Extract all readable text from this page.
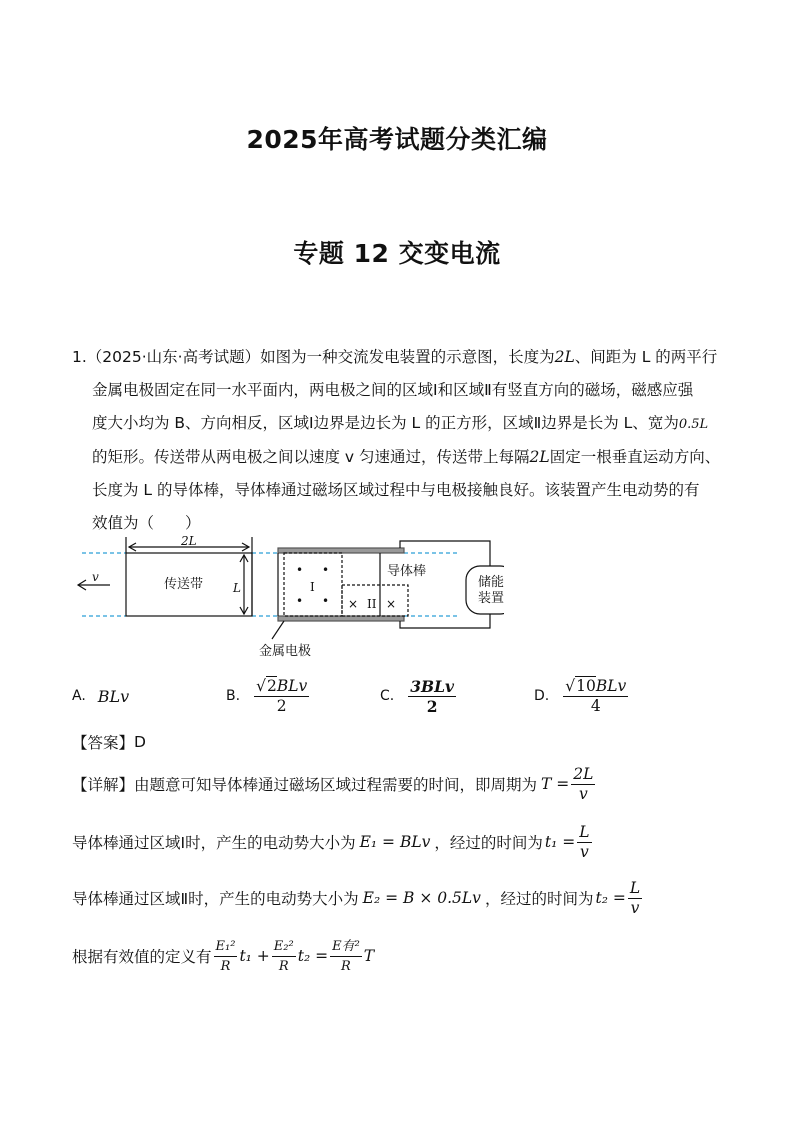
2025年高考试题分类汇编
专题 12 交变电流
1.（2025·山东·高考试题）如图为一种交流发电装置的示意图，长度为2L、间距为 L 的两平行
金属电极固定在同一水平面内，两电极之间的区域Ⅰ和区域Ⅱ有竖直方向的磁场，磁感应强
度大小均为 B、方向相反，区域Ⅰ边界是边长为 L 的正方形，区域Ⅱ边界是长为 L、宽为0.5L
的矩形。传送带从两电极之间以速度 v 匀速通过，传送带上每隔2L固定一根垂直运动方向、
长度为 L 的导体棒，导体棒通过磁场区域过程中与电极接触良好。该装置产生电动势的有
效值为（　　）
2L
v	传送带 L
• •
• •
I
× II ×
导体棒
储能
装置
金属电极
A. BLv	B. $\frac{\text{√2BLv}}{2}$	C. $\frac{\text{3BLv}}{2}$	D. $\frac{\text{√10BLv}}{4}$
【答案】 D
【详解】 由题意可知导体棒通过磁场区域过程需要的时间，即周期为 $T = \frac{2L}{v}$
导体棒通过区域Ⅰ时，产生的电动势大小为 E₁ = BLv ，经过的时间为 $t_1 = \frac{L}{v}$
导体棒通过区域Ⅱ时，产生的电动势大小为 E₂ = B × 0.5Lv ，经过的时间为 $t_2 = \frac{L}{v}$
根据有效值的定义有 $\frac{\text{E₁²}}{R} t_1 + \frac{\text{E₂²}}{R} t_2 = \frac{\text{E有²}}{R}$ T
